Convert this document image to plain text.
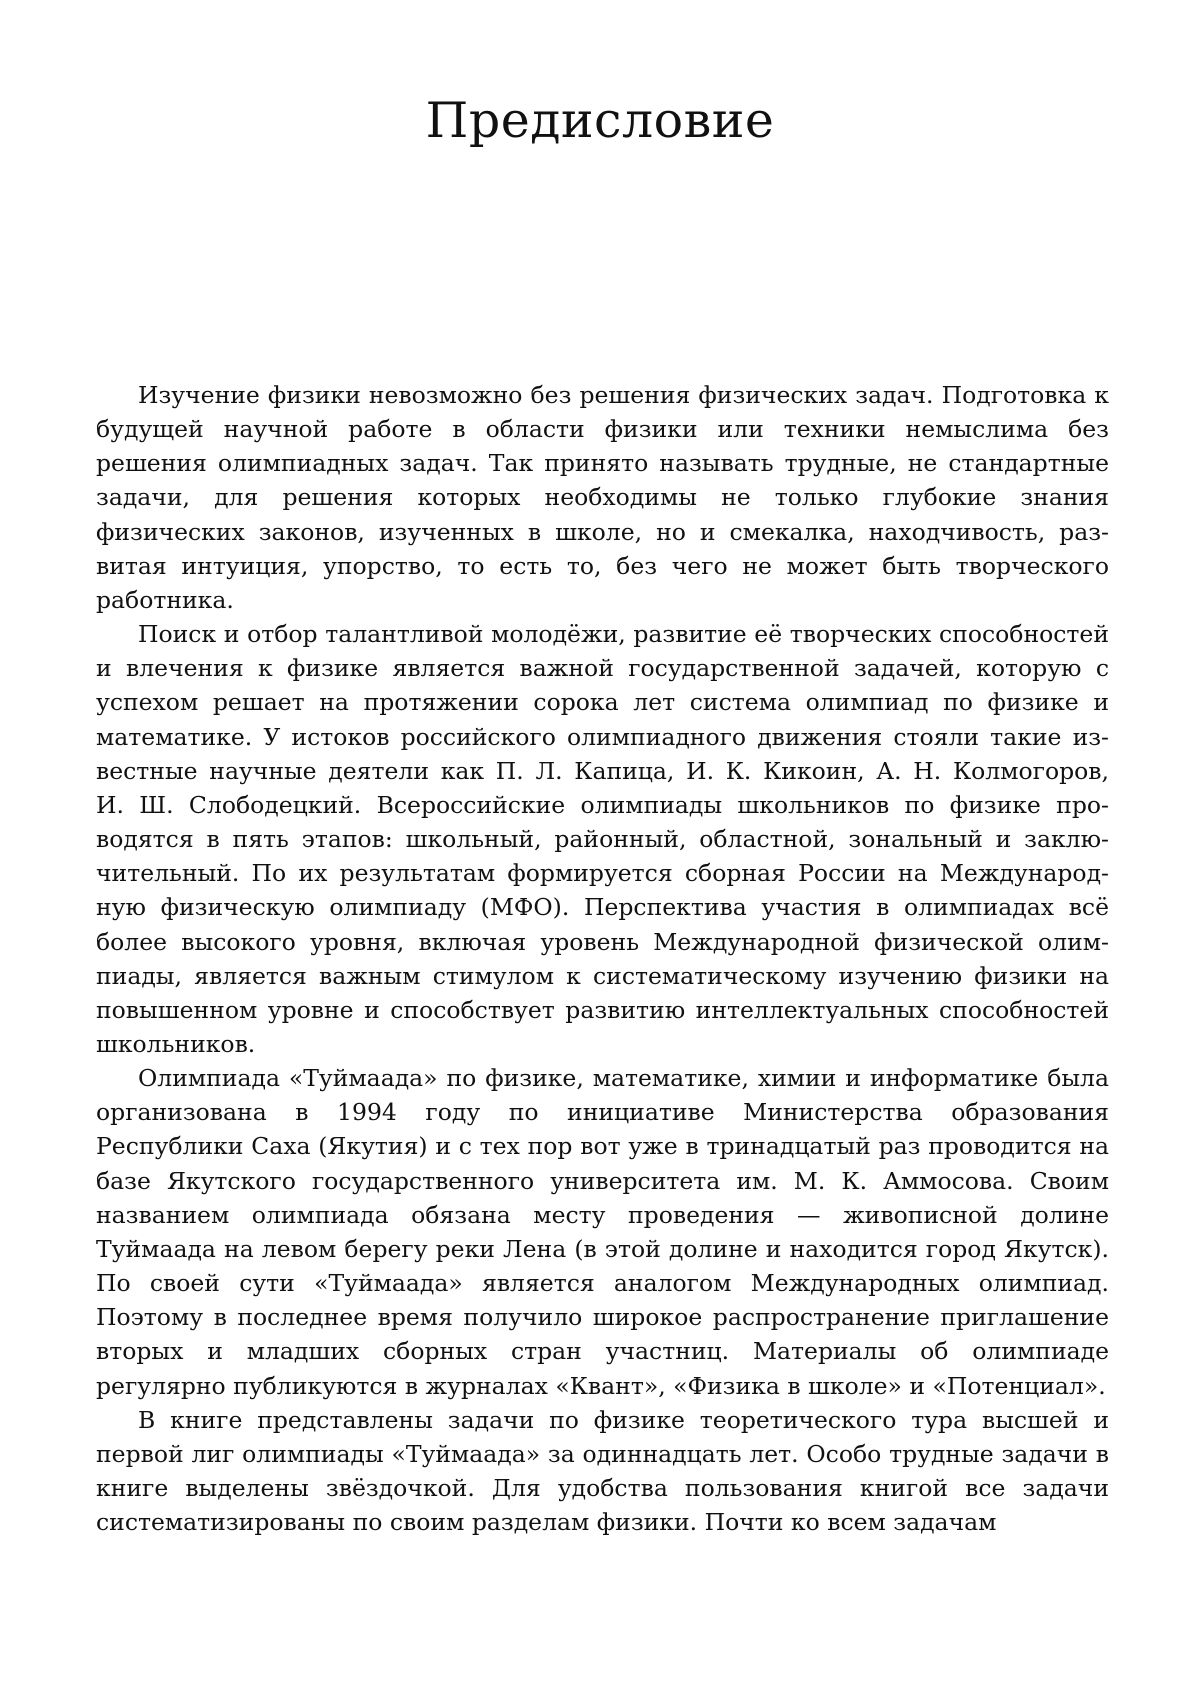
Предисловие

Изучение физики невозможно без решения физических задач. Подготовка к будущей научной работе в области физики или техники немыслима без решения олимпиадных задач. Так принято называть трудные, не стандартные задачи, для решения которых необходимы не только глубокие знания физических законов, изученных в школе, но и смекалка, находчивость, развитая интуиция, упорство, то есть то, без чего не может быть творческого работника.

Поиск и отбор талантливой молодёжи, развитие её творческих способностей и влечения к физике является важной государственной задачей, которую с успехом решает на протяжении сорока лет система олимпиад по физике и математике. У истоков российского олимпиадного движения стояли такие известные научные деятели как П. Л. Капица, И. К. Кикоин, А. Н. Колмогоров, И. Ш. Слободецкий. Всероссийские олимпиады школьников по физике проводятся в пять этапов: школьный, районный, областной, зональный и заключительный. По их результатам формируется сборная России на Международную физическую олимпиаду (МФО). Перспектива участия в олимпиадах всё более высокого уровня, включая уровень Международной физической олимпиады, является важным стимулом к систематическому изучению физики на повышенном уровне и способствует развитию интеллектуальных способностей школьников.

Олимпиада «Туймаада» по физике, математике, химии и информатике была организована в 1994 году по инициативе Министерства образования Республики Саха (Якутия) и с тех пор вот уже в тринадцатый раз проводится на базе Якутского государственного университета им. М. К. Аммосова. Своим названием олимпиада обязана месту проведения — живописной долине Туймаада на левом берегу реки Лена (в этой долине и находится город Якутск). По своей сути «Туймаада» является аналогом Международных олимпиад. Поэтому в последнее время получило широкое распространение приглашение вторых и младших сборных стран участниц. Материалы об олимпиаде регулярно публикуются в журналах «Квант», «Физика в школе» и «Потенциал».

В книге представлены задачи по физике теоретического тура высшей и первой лиг олимпиады «Туймаада» за одиннадцать лет. Особо трудные задачи в книге выделены звёздочкой. Для удобства пользования книгой все задачи систематизированы по своим разделам физики. Почти ко всем задачам
